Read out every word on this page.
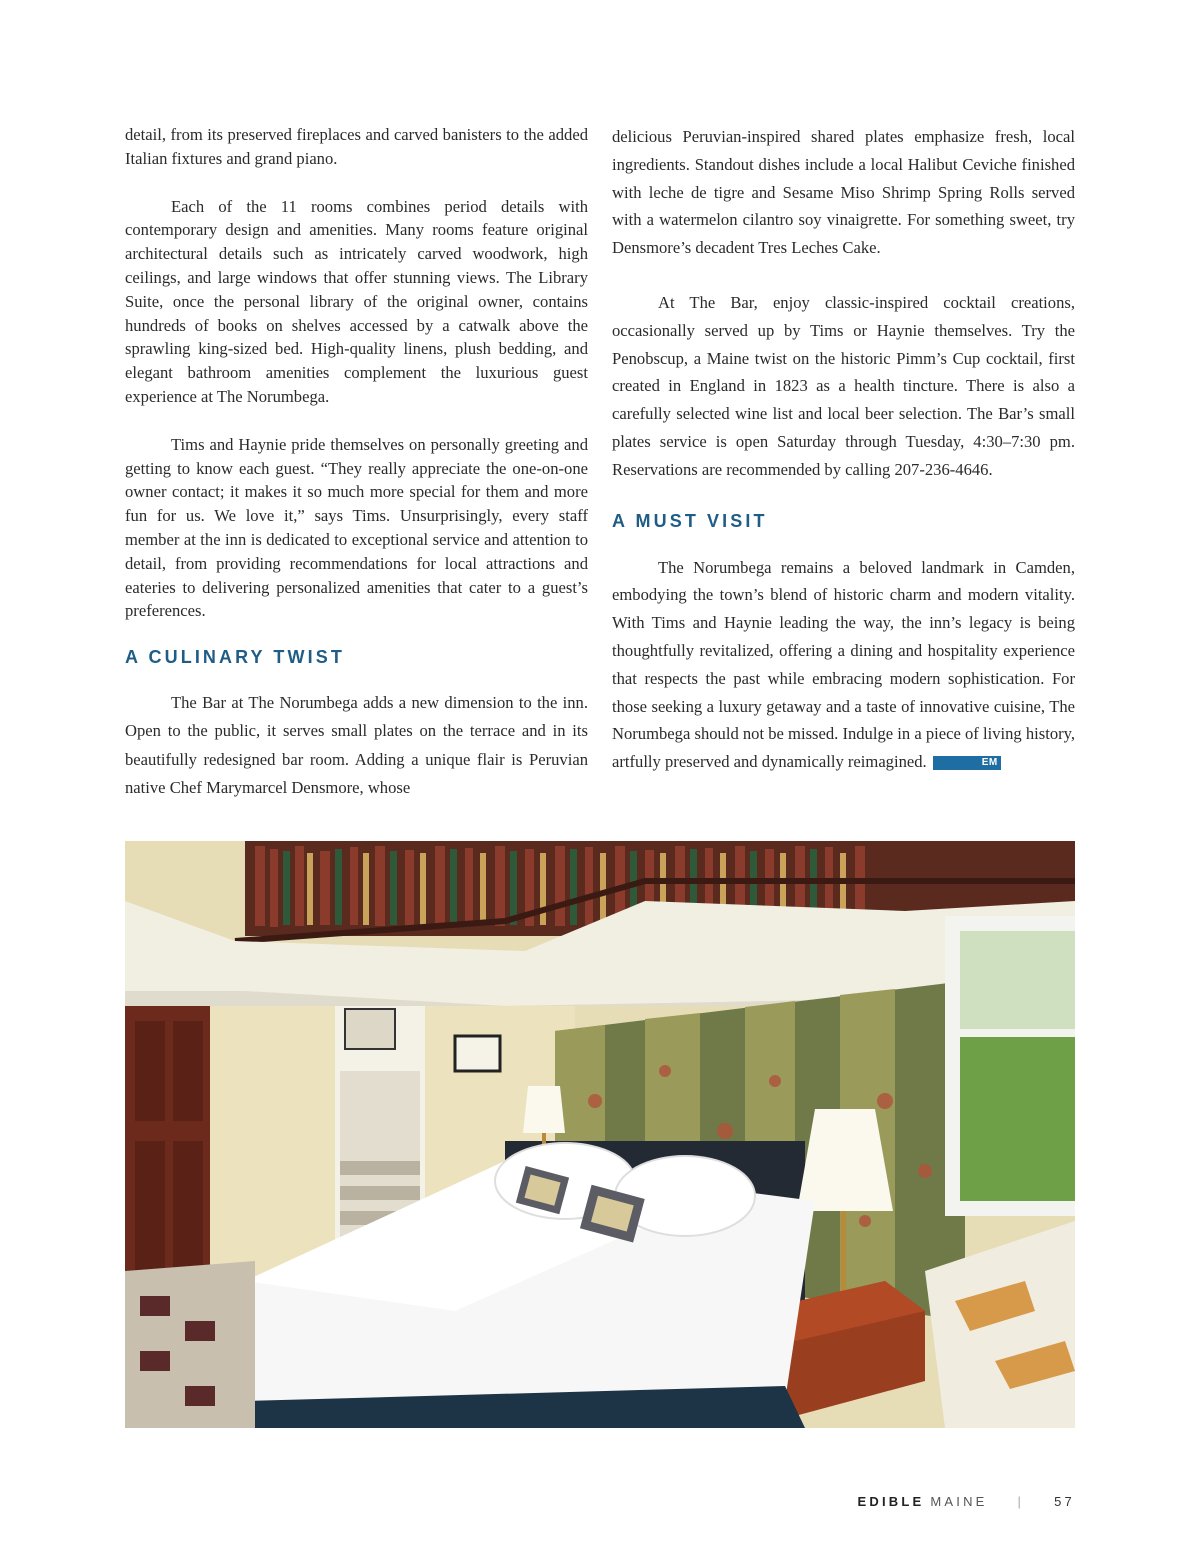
detail, from its preserved fireplaces and carved banisters to the added Italian fixtures and grand piano.

Each of the 11 rooms combines period details with contemporary design and amenities. Many rooms feature original architectural details such as intricately carved woodwork, high ceilings, and large windows that offer stunning views. The Library Suite, once the personal library of the original owner, contains hundreds of books on shelves accessed by a catwalk above the sprawling king-sized bed. High-quality linens, plush bedding, and elegant bathroom amenities complement the luxurious guest experience at The Norumbega.

Tims and Haynie pride themselves on personally greeting and getting to know each guest. “They really appreciate the one-on-one owner contact; it makes it so much more special for them and more fun for us. We love it,” says Tims. Unsurprisingly, every staff member at the inn is dedicated to exceptional service and attention to detail, from providing recommendations for local attractions and eateries to delivering personalized amenities that cater to a guest’s preferences.

A CULINARY TWIST

The Bar at The Norumbega adds a new dimension to the inn. Open to the public, it serves small plates on the terrace and in its beautifully redesigned bar room. Adding a unique flair is Peruvian native Chef Marymarcel Densmore, whose

delicious Peruvian-inspired shared plates emphasize fresh, local ingredients. Standout dishes include a local Halibut Ceviche finished with leche de tigre and Sesame Miso Shrimp Spring Rolls served with a watermelon cilantro soy vinaigrette. For something sweet, try Densmore’s decadent Tres Leches Cake.

At The Bar, enjoy classic-inspired cocktail creations, occasionally served up by Tims or Haynie themselves. Try the Penobscup, a Maine twist on the historic Pimm’s Cup cocktail, first created in England in 1823 as a health tincture. There is also a carefully selected wine list and local beer selection. The Bar’s small plates service is open Saturday through Tuesday, 4:30–7:30 pm. Reservations are recommended by calling 207-236-4646.

A MUST VISIT

The Norumbega remains a beloved landmark in Camden, embodying the town’s blend of historic charm and modern vitality. With Tims and Haynie leading the way, the inn’s legacy is being thoughtfully revitalized, offering a dining and hospitality experience that respects the past while embracing modern sophistication. For those seeking a luxury getaway and a taste of innovative cuisine, The Norumbega should not be missed. Indulge in a piece of living history, artfully preserved and dynamically reimagined.	EM

EDIBLE MAINE | 57
